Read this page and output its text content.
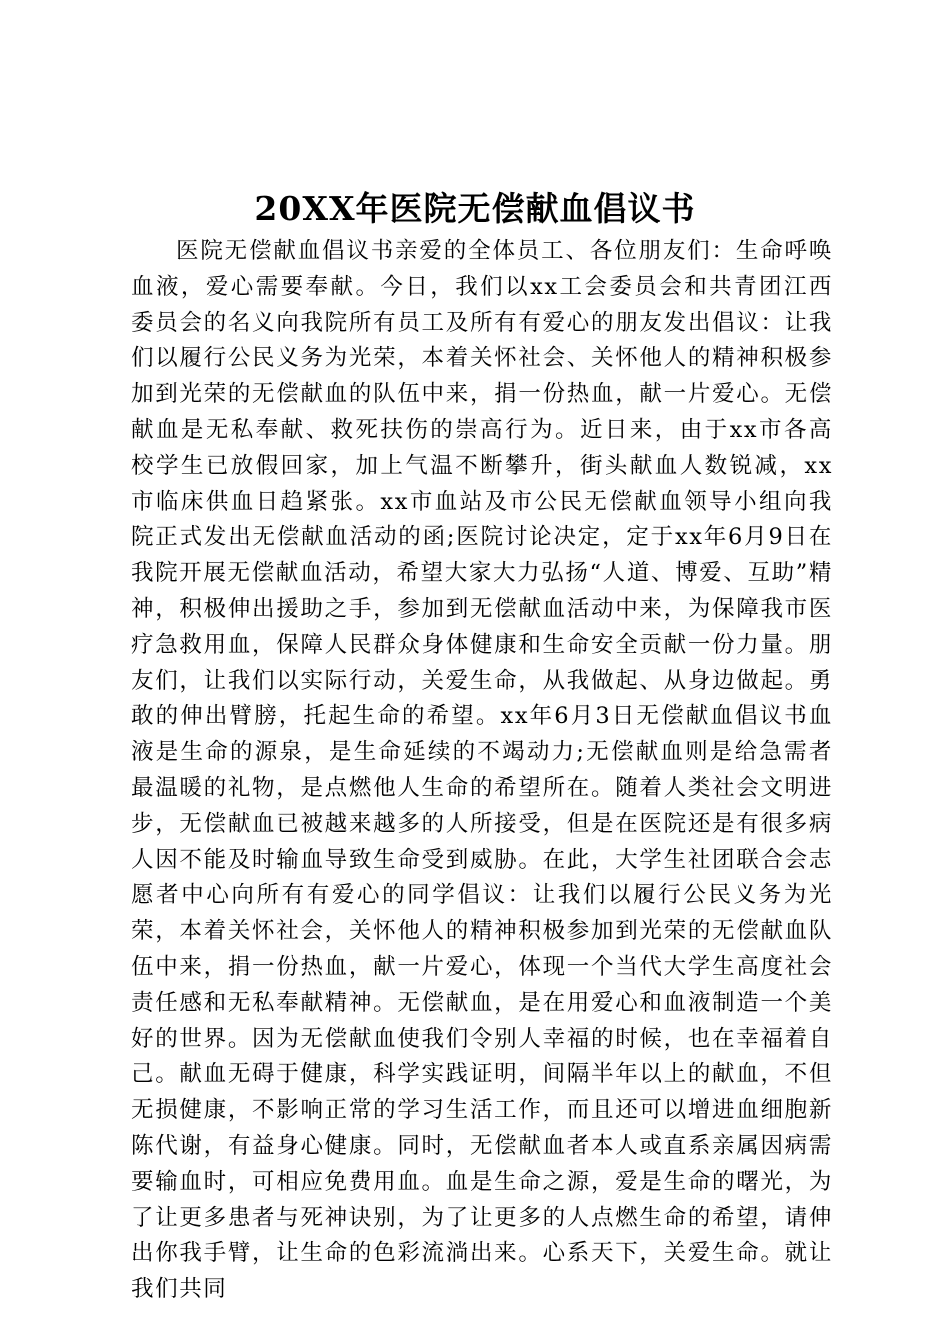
20XX年医院无偿献血倡议书

医院无偿献血倡议书亲爱的全体员工、各位朋友们：生命呼唤血液，爱心需要奉献。今日，我们以xx工会委员会和共青团江西委员会的名义向我院所有员工及所有有爱心的朋友发出倡议：让我们以履行公民义务为光荣，本着关怀社会、关怀他人的精神积极参加到光荣的无偿献血的队伍中来，捐一份热血，献一片爱心。无偿献血是无私奉献、救死扶伤的崇高行为。近日来，由于xx市各高校学生已放假回家，加上气温不断攀升，街头献血人数锐减，xx市临床供血日趋紧张。xx市血站及市公民无偿献血领导小组向我院正式发出无偿献血活动的函;医院讨论决定，定于xx年6月9日在我院开展无偿献血活动，希望大家大力弘扬“人道、博爱、互助”精神，积极伸出援助之手，参加到无偿献血活动中来，为保障我市医疗急救用血，保障人民群众身体健康和生命安全贡献一份力量。朋友们，让我们以实际行动，关爱生命，从我做起、从身边做起。勇敢的伸出臂膀，托起生命的希望。xx年6月3日无偿献血倡议书血液是生命的源泉，是生命延续的不竭动力;无偿献血则是给急需者最温暖的礼物，是点燃他人生命的希望所在。随着人类社会文明进步，无偿献血已被越来越多的人所接受，但是在医院还是有很多病人因不能及时输血导致生命受到威胁。在此，大学生社团联合会志愿者中心向所有有爱心的同学倡议：让我们以履行公民义务为光荣，本着关怀社会，关怀他人的精神积极参加到光荣的无偿献血队伍中来，捐一份热血，献一片爱心，体现一个当代大学生高度社会责任感和无私奉献精神。无偿献血，是在用爱心和血液制造一个美好的世界。因为无偿献血使我们令别人幸福的时候，也在幸福着自己。献血无碍于健康，科学实践证明，间隔半年以上的献血，不但无损健康，不影响正常的学习生活工作，而且还可以增进血细胞新陈代谢，有益身心健康。同时，无偿献血者本人或直系亲属因病需要输血时，可相应免费用血。血是生命之源，爱是生命的曙光，为了让更多患者与死神诀别，为了让更多的人点燃生命的希望，请伸出你我手臂，让生命的色彩流淌出来。心系天下，关爱生命。就让我们共同
